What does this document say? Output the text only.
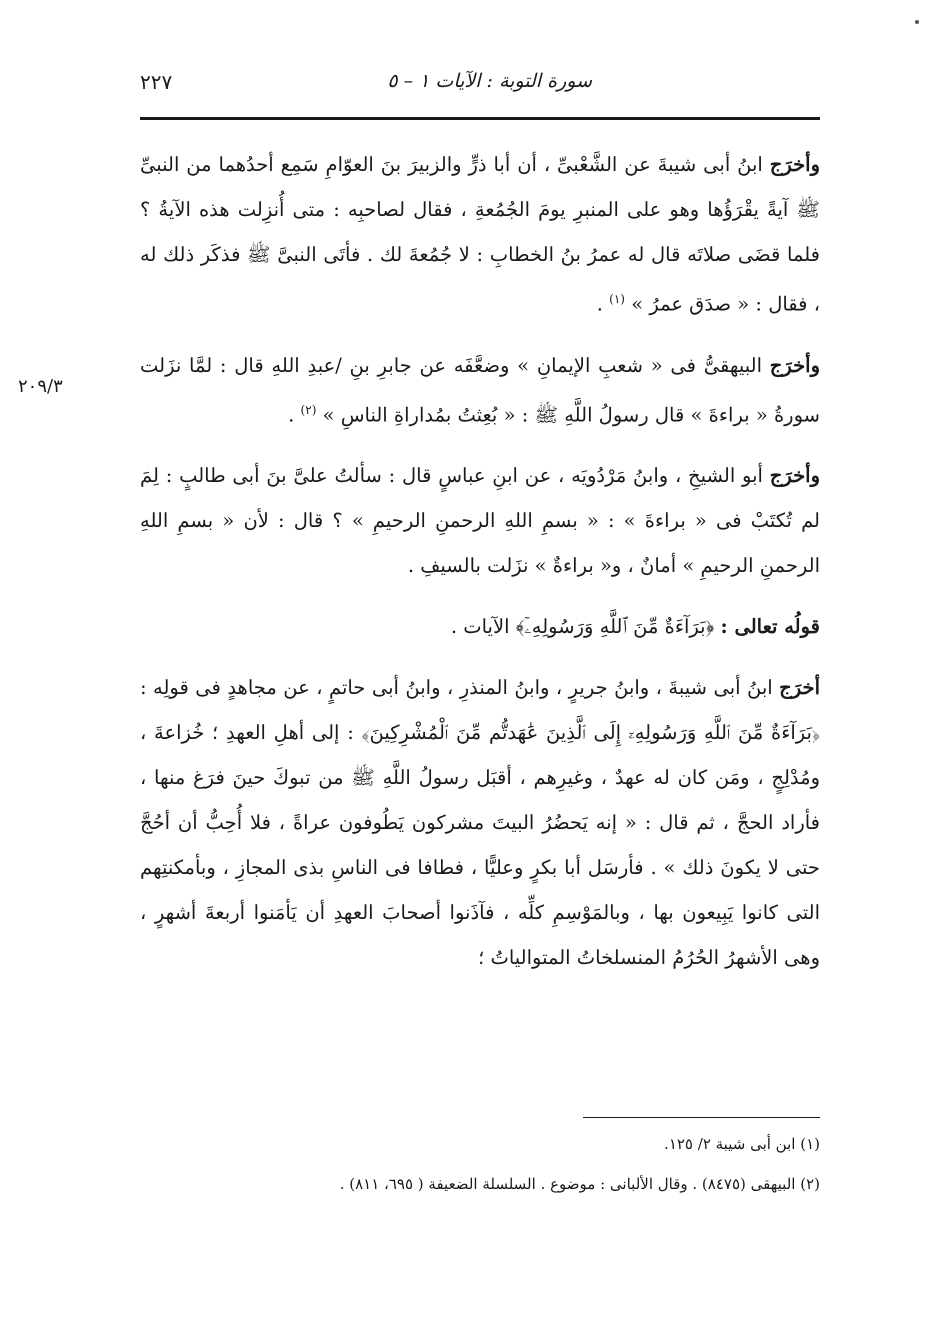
سورة التوبة : الآيات ١ – ٥
٢٢٧
٢٠٩/٣

وأخرَج ابنُ أبى شيبةَ عن الشَّعْبىِّ ، أن أبا ذرٍّ والزبيرَ بنَ العوّامِ سَمِع أحدُهما من النبىِّ ﷺ آيةً يقْرَؤُها وهو على المنبرِ يومَ الجُمُعةِ ، فقال لصاحبِه : متى أُنزِلت هذه الآيةُ ؟ فلما قضَى صلاتَه قال له عمرُ بنُ الخطابِ : لا جُمُعةَ لك . فأتَى النبىَّ ﷺ فذكَر ذلك له ، فقال : « صدَق عمرُ » $^{(١)}$ .

وأخرَج البيهقىُّ فى « شعبِ الإيمانِ » وضعَّفَه عن جابرِ بنِ /عبدِ اللهِ قال : لمَّا نزَلت سورةُ « براءةَ » قال رسولُ اللَّهِ ﷺ : « بُعِثتُ بمُداراةِ الناسِ » $^{(٢)}$ .

وأخرَج أبو الشيخِ ، وابنُ مَرْدُويَه ، عن ابنِ عباسٍ قال : سألتُ علىَّ بنَ أبى طالبٍ : لِمَ لم تُكتَبْ فى « براءةَ » : « بسمِ اللهِ الرحمنِ الرحيمِ » ؟ قال : لأن « بسمِ اللهِ الرحمنِ الرحيمِ » أمانٌ ، و« براءةٌ » نزَلت بالسيفِ .

قولُه تعالى : ﴿بَرَآءَةٌ مِّنَ ٱللَّهِ وَرَسُولِهِۦٓ﴾ الآيات .

أخرَج ابنُ أبى شيبةَ ، وابنُ جريرٍ ، وابنُ المنذرِ ، وابنُ أبى حاتمٍ ، عن مجاهدٍ فى قولِه : ﴿بَرَآءَةٌ مِّنَ ٱللَّهِ وَرَسُولِهِۦٓ إِلَى ٱلَّذِينَ عَٰهَدتُّم مِّنَ ٱلْمُشْرِكِينَ﴾ : إلى أهلِ العهدِ ؛ خُزاعةَ ، ومُدْلِجٍ ، ومَن كان له عهدٌ ، وغيرِهم ، أقبَل رسولُ اللَّهِ ﷺ من تبوكَ حينَ فرَغ منها ، فأراد الحجَّ ، ثم قال : « إنه يَحضُرُ البيتَ مشركون يَطُوفون عراةً ، فلا أُحِبُّ أن أحُجَّ حتى لا يكونَ ذلك » . فأرسَل أبا بكرٍ وعليًّا ، فطافا فى الناسِ بذى المجازِ ، وبأمكنتِهم التى كانوا يَبِيعون بها ، وبالمَوْسِمِ كلِّه ، فآذَنوا أصحابَ العهدِ أن يَأمَنوا أربعةَ أشهرٍ ، وهى الأشهرُ الحُرُمُ المنسلخاتُ المتوالياتُ ؛

(١) ابن أبى شيبة ٢/ ١٢٥.
(٢) البيهقى (٨٤٧٥) . وقال الألبانى : موضوع . السلسلة الضعيفة ( ٦٩٥، ٨١١) .
